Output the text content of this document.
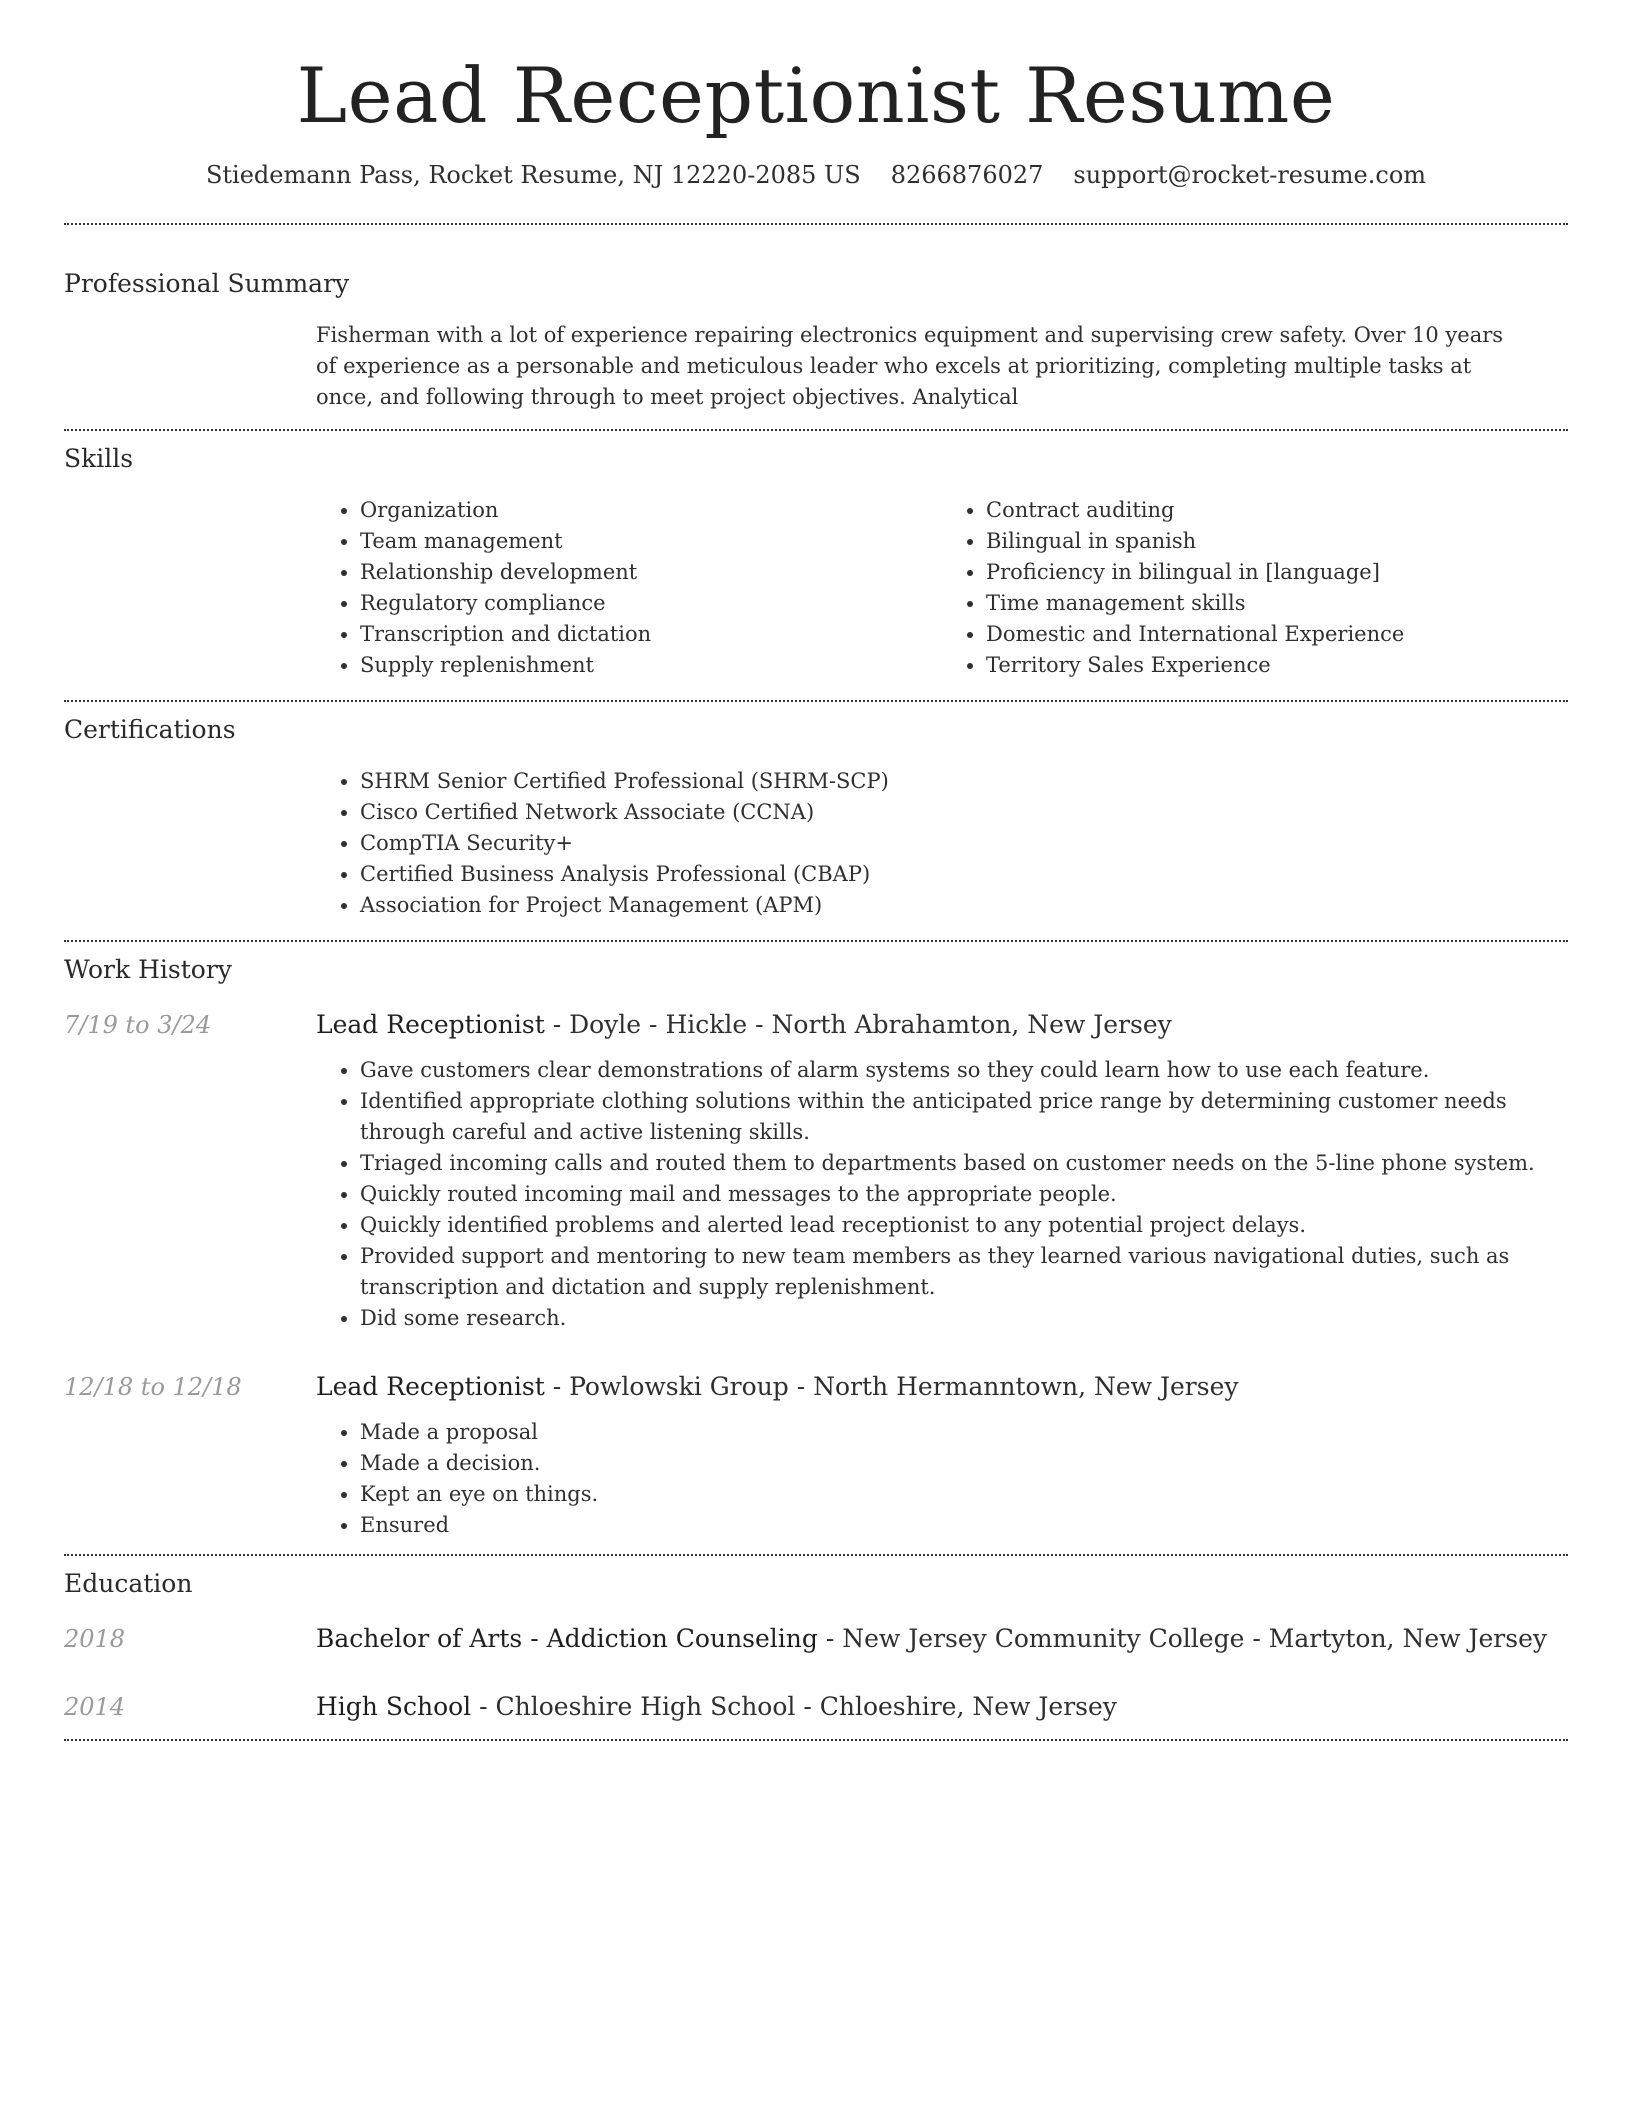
Lead Receptionist Resume
Stiedemann Pass, Rocket Resume, NJ 12220-2085 US 8266876027 support@rocket-resume.com
Professional Summary
Fisherman with a lot of experience repairing electronics equipment and supervising crew safety. Over 10 years of experience as a personable and meticulous leader who excels at prioritizing, completing multiple tasks at once, and following through to meet project objectives. Analytical
Skills
• Organization
• Team management
• Relationship development
• Regulatory compliance
• Transcription and dictation
• Supply replenishment
• Contract auditing
• Bilingual in spanish
• Proficiency in bilingual in [language]
• Time management skills
• Domestic and International Experience
• Territory Sales Experience
Certifications
• SHRM Senior Certified Professional (SHRM-SCP)
• Cisco Certified Network Associate (CCNA)
• CompTIA Security+
• Certified Business Analysis Professional (CBAP)
• Association for Project Management (APM)
Work History
7/19 to 3/24	Lead Receptionist - Doyle - Hickle - North Abrahamton, New Jersey
• Gave customers clear demonstrations of alarm systems so they could learn how to use each feature.
• Identified appropriate clothing solutions within the anticipated price range by determining customer needs through careful and active listening skills.
• Triaged incoming calls and routed them to departments based on customer needs on the 5-line phone system.
• Quickly routed incoming mail and messages to the appropriate people.
• Quickly identified problems and alerted lead receptionist to any potential project delays.
• Provided support and mentoring to new team members as they learned various navigational duties, such as transcription and dictation and supply replenishment.
• Did some research.
12/18 to 12/18	Lead Receptionist - Powlowski Group - North Hermanntown, New Jersey
• Made a proposal
• Made a decision.
• Kept an eye on things.
• Ensured
Education
2018	Bachelor of Arts - Addiction Counseling - New Jersey Community College - Martyton, New Jersey
2014	High School - Chloeshire High School - Chloeshire, New Jersey
